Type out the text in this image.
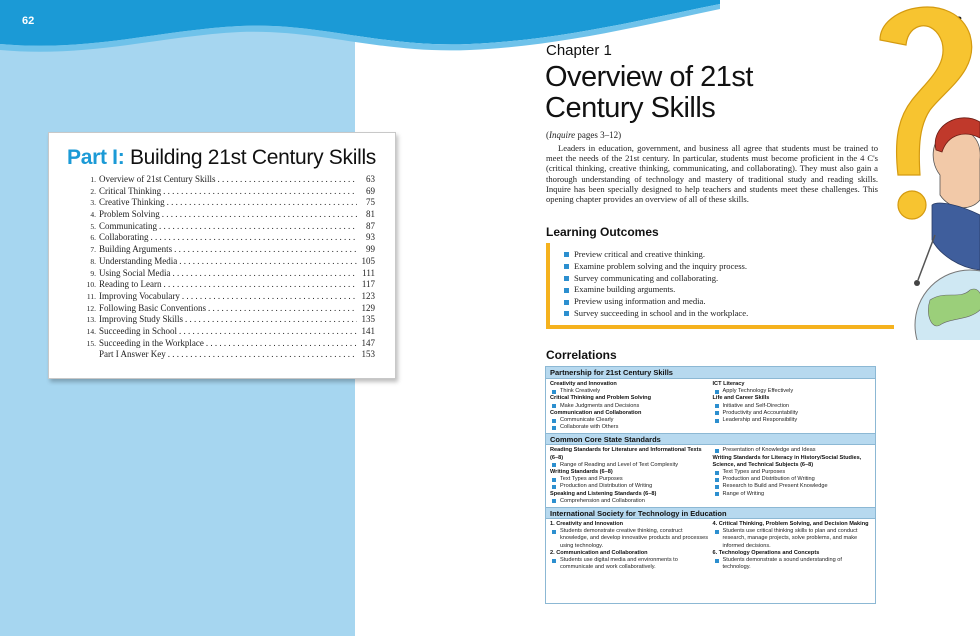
62
Part I: Building 21st Century Skills
1. Overview of 21st Century Skills . . .	63
2. Critical Thinking . . .	69
3. Creative Thinking . . .	75
4. Problem Solving . . .	81
5. Communicating . . .	87
6. Collaborating . . .	93
7. Building Arguments . . .	99
8. Understanding Media . . .	105
9. Using Social Media . . .	111
10. Reading to Learn . . .	117
11. Improving Vocabulary . . .	123
12. Following Basic Conventions . . .	129
13. Improving Study Skills . . .	135
14. Succeeding in School . . .	141
15. Succeeding in the Workplace . . .	147
Part I Answer Key . . .	153
Chapter 1
Overview of 21st Century Skills
(Inquire pages 3–12)

Leaders in education, government, and business all agree that students must be trained to meet the needs of the 21st century. In particular, students must become proficient in the 4 C's (critical thinking, creative thinking, communicating, and collaborating). They must also gain a thorough understanding of technology and mastery of traditional study and reading skills. Inquire has been specially designed to help teachers and students meet these challenges. This opening chapter provides an overview of all of these skills.

Learning Outcomes
Preview critical and creative thinking.
Examine problem solving and the inquiry process.
Survey communicating and collaborating.
Examine building arguments.
Preview using information and media.
Survey succeeding in school and in the workplace.
Correlations
Partnership for 21st Century Skills
Creativity and Innovation
Think Creatively
Critical Thinking and Problem Solving
Make Judgments and Decisions
Communication and Collaboration
Communicate Clearly
Collaborate with Others
ICT Literacy
Apply Technology Effectively
Life and Career Skills
Initiative and Self-Direction
Productivity and Accountability
Leadership and Responsibility
Common Core State Standards
Reading Standards for Literature and Informational Texts (6–8)
Range of Reading and Level of Text Complexity
Writing Standards (6–8)
Text Types and Purposes
Production and Distribution of Writing
Speaking and Listening Standards (6–8)
Comprehension and Collaboration
Presentation of Knowledge and Ideas
Writing Standards for Literacy in History/Social Studies, Science, and Technical Subjects (6–8)
Text Types and Purposes
Production and Distribution of Writing
Research to Build and Present Knowledge
Range of Writing
International Society for Technology in Education
1. Creativity and Innovation
Students demonstrate creative thinking, construct knowledge, and develop innovative products and processes using technology.
2. Communication and Collaboration
Students use digital media and environments to communicate and work collaboratively.
4. Critical Thinking, Problem Solving, and Decision Making
Students use critical thinking skills to plan and conduct research, manage projects, solve problems, and make informed decisions.
6. Technology Operations and Concepts
Students demonstrate a sound understanding of technology.
